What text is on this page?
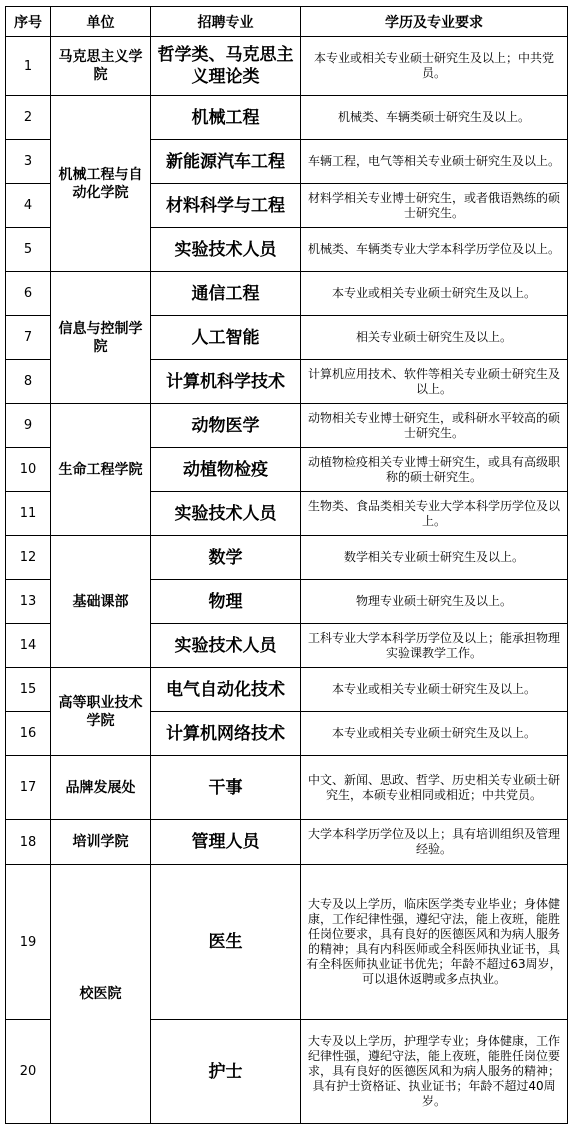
序号	单位	招聘专业	学历及专业要求
1	马克思主义学院	哲学类、马克思主义理论类	本专业或相关专业硕士研究生及以上；中共党员。
2	机械工程与自动化学院	机械工程	机械类、车辆类硕士研究生及以上。
3		新能源汽车工程	车辆工程，电气等相关专业硕士研究生及以上。
4		材料科学与工程	材料学相关专业博士研究生，或者俄语熟练的硕士研究生。
5		实验技术人员	机械类、车辆类专业大学本科学历学位及以上。
6	信息与控制学院	通信工程	本专业或相关专业硕士研究生及以上。
7		人工智能	相关专业硕士研究生及以上。
8		计算机科学技术	计算机应用技术、软件等相关专业硕士研究生及以上。
9	生命工程学院	动物医学	动物相关专业博士研究生，或科研水平较高的硕士研究生。
10		动植物检疫	动植物检疫相关专业博士研究生，或具有高级职称的硕士研究生。
11		实验技术人员	生物类、食品类相关专业大学本科学历学位及以上。
12	基础课部	数学	数学相关专业硕士研究生及以上。
13		物理	物理专业硕士研究生及以上。
14		实验技术人员	工科专业大学本科学历学位及以上；能承担物理实验课教学工作。
15	高等职业技术学院	电气自动化技术	本专业或相关专业硕士研究生及以上。
16		计算机网络技术	本专业或相关专业硕士研究生及以上。
17	品牌发展处	干事	中文、新闻、思政、哲学、历史相关专业硕士研究生，本硕专业相同或相近；中共党员。
18	培训学院	管理人员	大学本科学历学位及以上；具有培训组织及管理经验。
19	校医院	医生	大专及以上学历，临床医学类专业毕业；身体健康，工作纪律性强，遵纪守法，能上夜班，能胜任岗位要求，具有良好的医德医风和为病人服务的精神；具有内科医师或全科医师执业证书，具有全科医师执业证书优先；年龄不超过63周岁，可以退休返聘或多点执业。
20		护士	大专及以上学历，护理学专业；身体健康，工作纪律性强，遵纪守法，能上夜班，能胜任岗位要求，具有良好的医德医风和为病人服务的精神；具有护士资格证、执业证书；年龄不超过40周岁。
